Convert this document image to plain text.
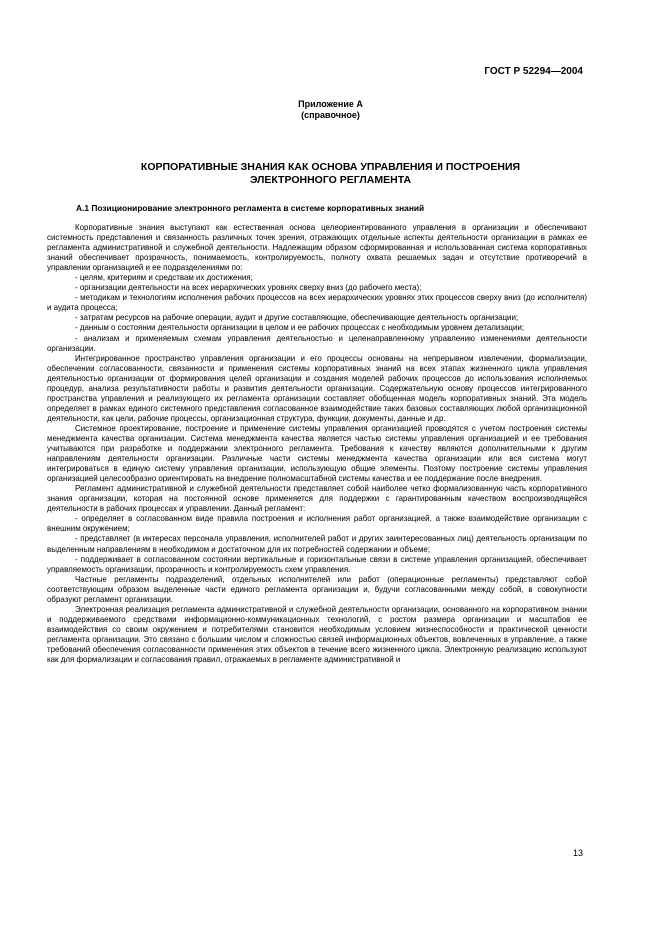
ГОСТ Р 52294—2004
Приложение А
(справочное)
КОРПОРАТИВНЫЕ ЗНАНИЯ КАК ОСНОВА УПРАВЛЕНИЯ И ПОСТРОЕНИЯ
ЭЛЕКТРОННОГО РЕГЛАМЕНТА
А.1 Позиционирование электронного регламента в системе корпоративных знаний

Корпоративные знания выступают как естественная основа целеориентированного управления в организации и обеспечивают системность представления и связанность различных точек зрения, отражающих отдельные аспекты деятельности организации в рамках ее регламента административной и служебной деятельности. Надлежащим образом сформированная и использованная система корпоративных знаний обеспечивает прозрачность, понимаемость, контролируемость, полноту охвата решаемых задач и отсутствие противоречий в управлении организацией и ее подразделениями по:

- целям, критериям и средствам их достижения;

- организации деятельности на всех иерархических уровнях сверху вниз (до рабочего места);

- методикам и технологиям исполнения рабочих процессов на всех иерархических уровнях этих процессов сверху вниз (до исполнителя) и аудита процесса;

- затратам ресурсов на рабочие операции, аудит и другие составляющие, обеспечивающие деятельность организации;

- данным о состоянии деятельности организации в целом и ее рабочих процессах с необходимым уровнем детализации;

- анализам и применяемым схемам управления деятельностью и целенаправленному управлению изменениями деятельности организации.

Интегрированное пространство управления организации и его процессы основаны на непрерывном извлечении, формализации, обеспечении согласованности, связанности и применения системы корпоративных знаний на всех этапах жизненного цикла управления деятельностью организации от формирования целей организации и создания моделей рабочих процессов до использования исполняемых процедур, анализа результативности работы и развития деятельности организации. Содержательную основу процессов интегрированного пространства управления и реализующего их регламента организации составляет обобщенная модель корпоративных знаний. Эта модель определяет в рамках единого системного представления согласованное взаимодействие таких базовых составляющих любой организационной деятельности, как цели, рабочие процессы, организационная структура, функции, документы, данные и др.

Системное проектирование, построение и применение системы управления организацией проводятся с учетом построения системы менеджмента качества организации. Система менеджмента качества является частью системы управления организацией и ее требования учитываются при разработке и поддержании электронного регламента. Требования к качеству являются дополнительными к другим направлениям деятельности организации. Различные части системы менеджмента качества организации или вся система могут интегрироваться в единую систему управления организации, использующую общие элементы. Поэтому построение системы управления организацией целесообразно ориентировать на внедрение полномасштабной системы качества и ее поддержание после внедрения.

Регламент административной и служебной деятельности представляет собой наиболее четко формализованную часть корпоративного знания организации, которая на постоянной основе применяется для поддержки с гарантированным качеством воспроизводящейся деятельности в рабочих процессах и управлении. Данный регламент:

- определяет в согласованном виде правила построения и исполнения работ организацией, а также взаимодействие организации с внешним окружением;

- представляет (в интересах персонала управления, исполнителей работ и других заинтересованных лиц) деятельность организации по выделенным направлениям в необходимом и достаточном для их потребностей содержании и объеме;

- поддерживает в согласованном состоянии вертикальные и горизонтальные связи в системе управления организацией, обеспечивает управляемость организации, прозрачность и контролируемость схем управления.

Частные регламенты подразделений, отдельных исполнителей или работ (операционные регламенты) представляют собой соответствующим образом выделенные части единого регламента организации и, будучи согласованными между собой, в совокупности образуют регламент организации.

Электронная реализация регламента административной и служебной деятельности организации, основанного на корпоративном знании и поддерживаемого средствами информационно-коммуникационных технологий, с ростом размера организации и масштабов ее взаимодействия со своим окружением и потребителями становится необходимым условием жизнеспособности и практической ценности регламента организации. Это связано с большим числом и сложностью связей информационных объектов, вовлеченных в управление, а также требований обеспечения согласованности применения этих объектов в течение всего жизненного цикла. Электронную реализацию используют как для формализации и согласования правил, отражаемых в регламенте административной и

13
